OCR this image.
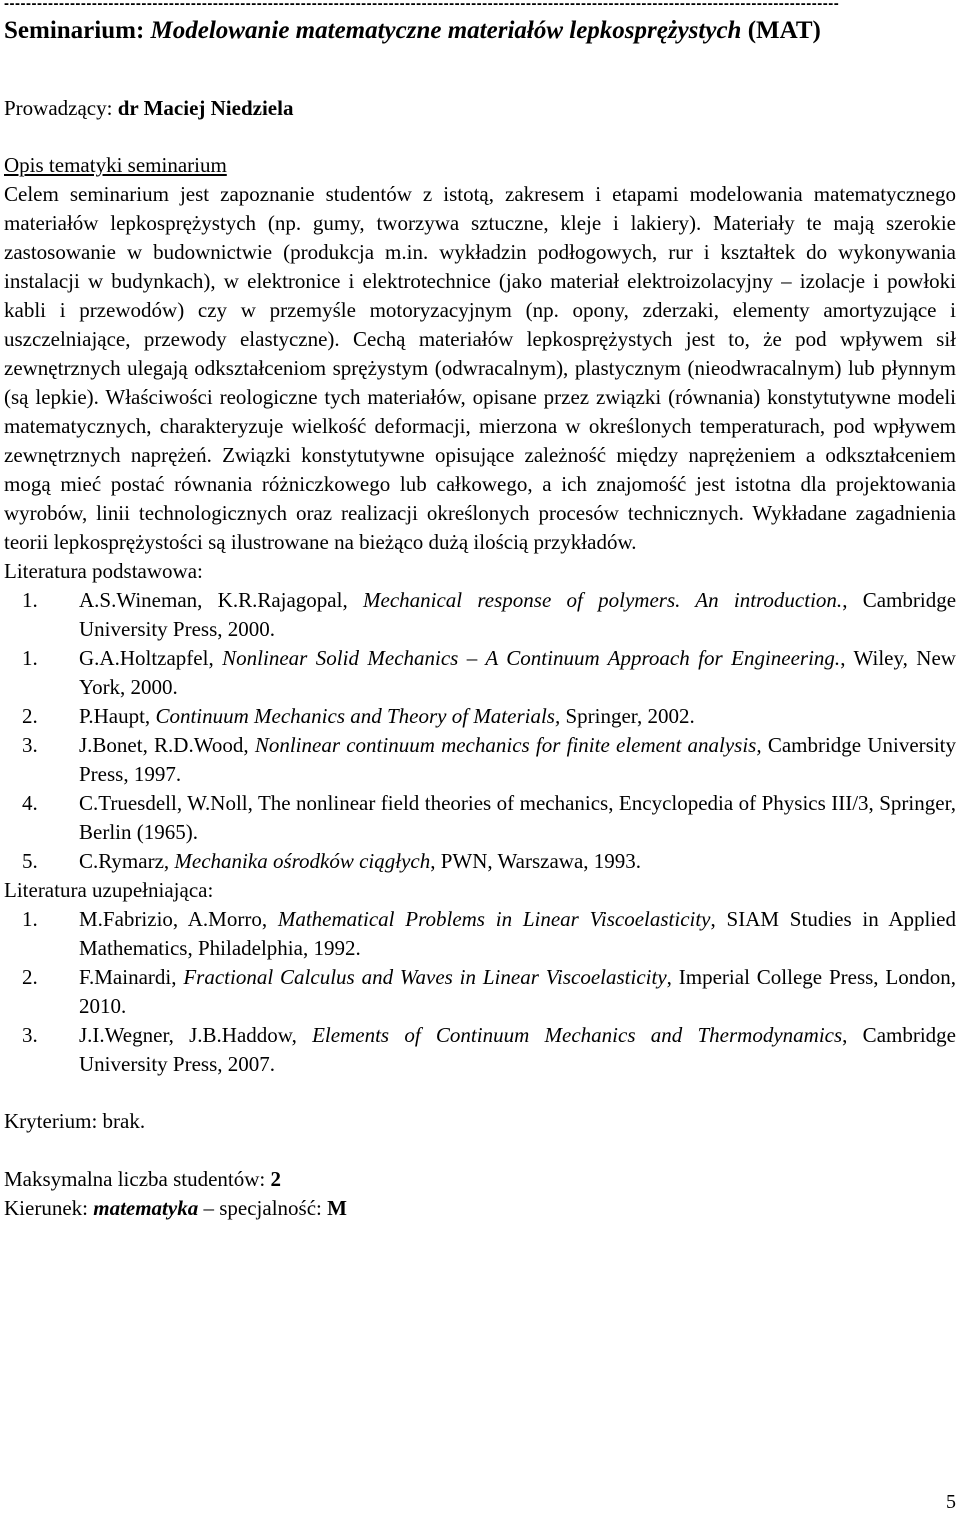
Seminarium: Modelowanie matematyczne materiałów lepkosprężystych (MAT)
Prowadzący: dr Maciej Niedziela
Opis tematyki seminarium

Celem seminarium jest zapoznanie studentów z istotą, zakresem i etapami modelowania matematycznego materiałów lepkosprężystych (np. gumy, tworzywa sztuczne, kleje i lakiery). Materiały te mają szerokie zastosowanie w budownictwie (produkcja m.in. wykładzin podłogowych, rur i kształtek do wykonywania instalacji w budynkach), w elektronice i elektrotechnice (jako materiał elektroizolacyjny – izolacje i powłoki kabli i przewodów) czy w przemyśle motoryzacyjnym (np. opony, zderzaki, elementy amortyzujące i uszczelniające, przewody elastyczne). Cechą materiałów lepkosprężystych jest to, że pod wpływem sił zewnętrznych ulegają odkształceniom sprężystym (odwracalnym), plastycznym (nieodwracalnym) lub płynnym (są lepkie). Właściwości reologiczne tych materiałów, opisane przez związki (równania) konstytutywne modeli matematycznych, charakteryzuje wielkość deformacji, mierzona w określonych temperaturach, pod wpływem zewnętrznych naprężeń. Związki konstytutywne opisujące zależność między naprężeniem a odkształceniem mogą mieć postać równania różniczkowego lub całkowego, a ich znajomość jest istotna dla projektowania wyrobów, linii technologicznych oraz realizacji określonych procesów technicznych. Wykładane zagadnienia teorii lepkosprężystości są ilustrowane na bieżąco dużą ilością przykładów.

Literatura podstawowa:
1. A.S.Wineman, K.R.Rajagopal, Mechanical response of polymers. An introduction., Cambridge University Press, 2000.
1. G.A.Holtzapfel, Nonlinear Solid Mechanics – A Continuum Approach for Engineering., Wiley, New York, 2000.
2. P.Haupt, Continuum Mechanics and Theory of Materials, Springer, 2002.
3. J.Bonet, R.D.Wood, Nonlinear continuum mechanics for finite element analysis, Cambridge University Press, 1997.
4. C.Truesdell, W.Noll, The nonlinear field theories of mechanics, Encyclopedia of Physics III/3, Springer, Berlin (1965).
5. C.Rymarz, Mechanika ośrodków ciągłych, PWN, Warszawa, 1993.
Literatura uzupełniająca:
1. M.Fabrizio, A.Morro, Mathematical Problems in Linear Viscoelasticity, SIAM Studies in Applied Mathematics, Philadelphia, 1992.
2. F.Mainardi, Fractional Calculus and Waves in Linear Viscoelasticity, Imperial College Press, London, 2010.
3. J.I.Wegner, J.B.Haddow, Elements of Continuum Mechanics and Thermodynamics, Cambridge University Press, 2007.
Kryterium: brak.
Maksymalna liczba studentów: 2
Kierunek: matematyka – specjalność: M
5
